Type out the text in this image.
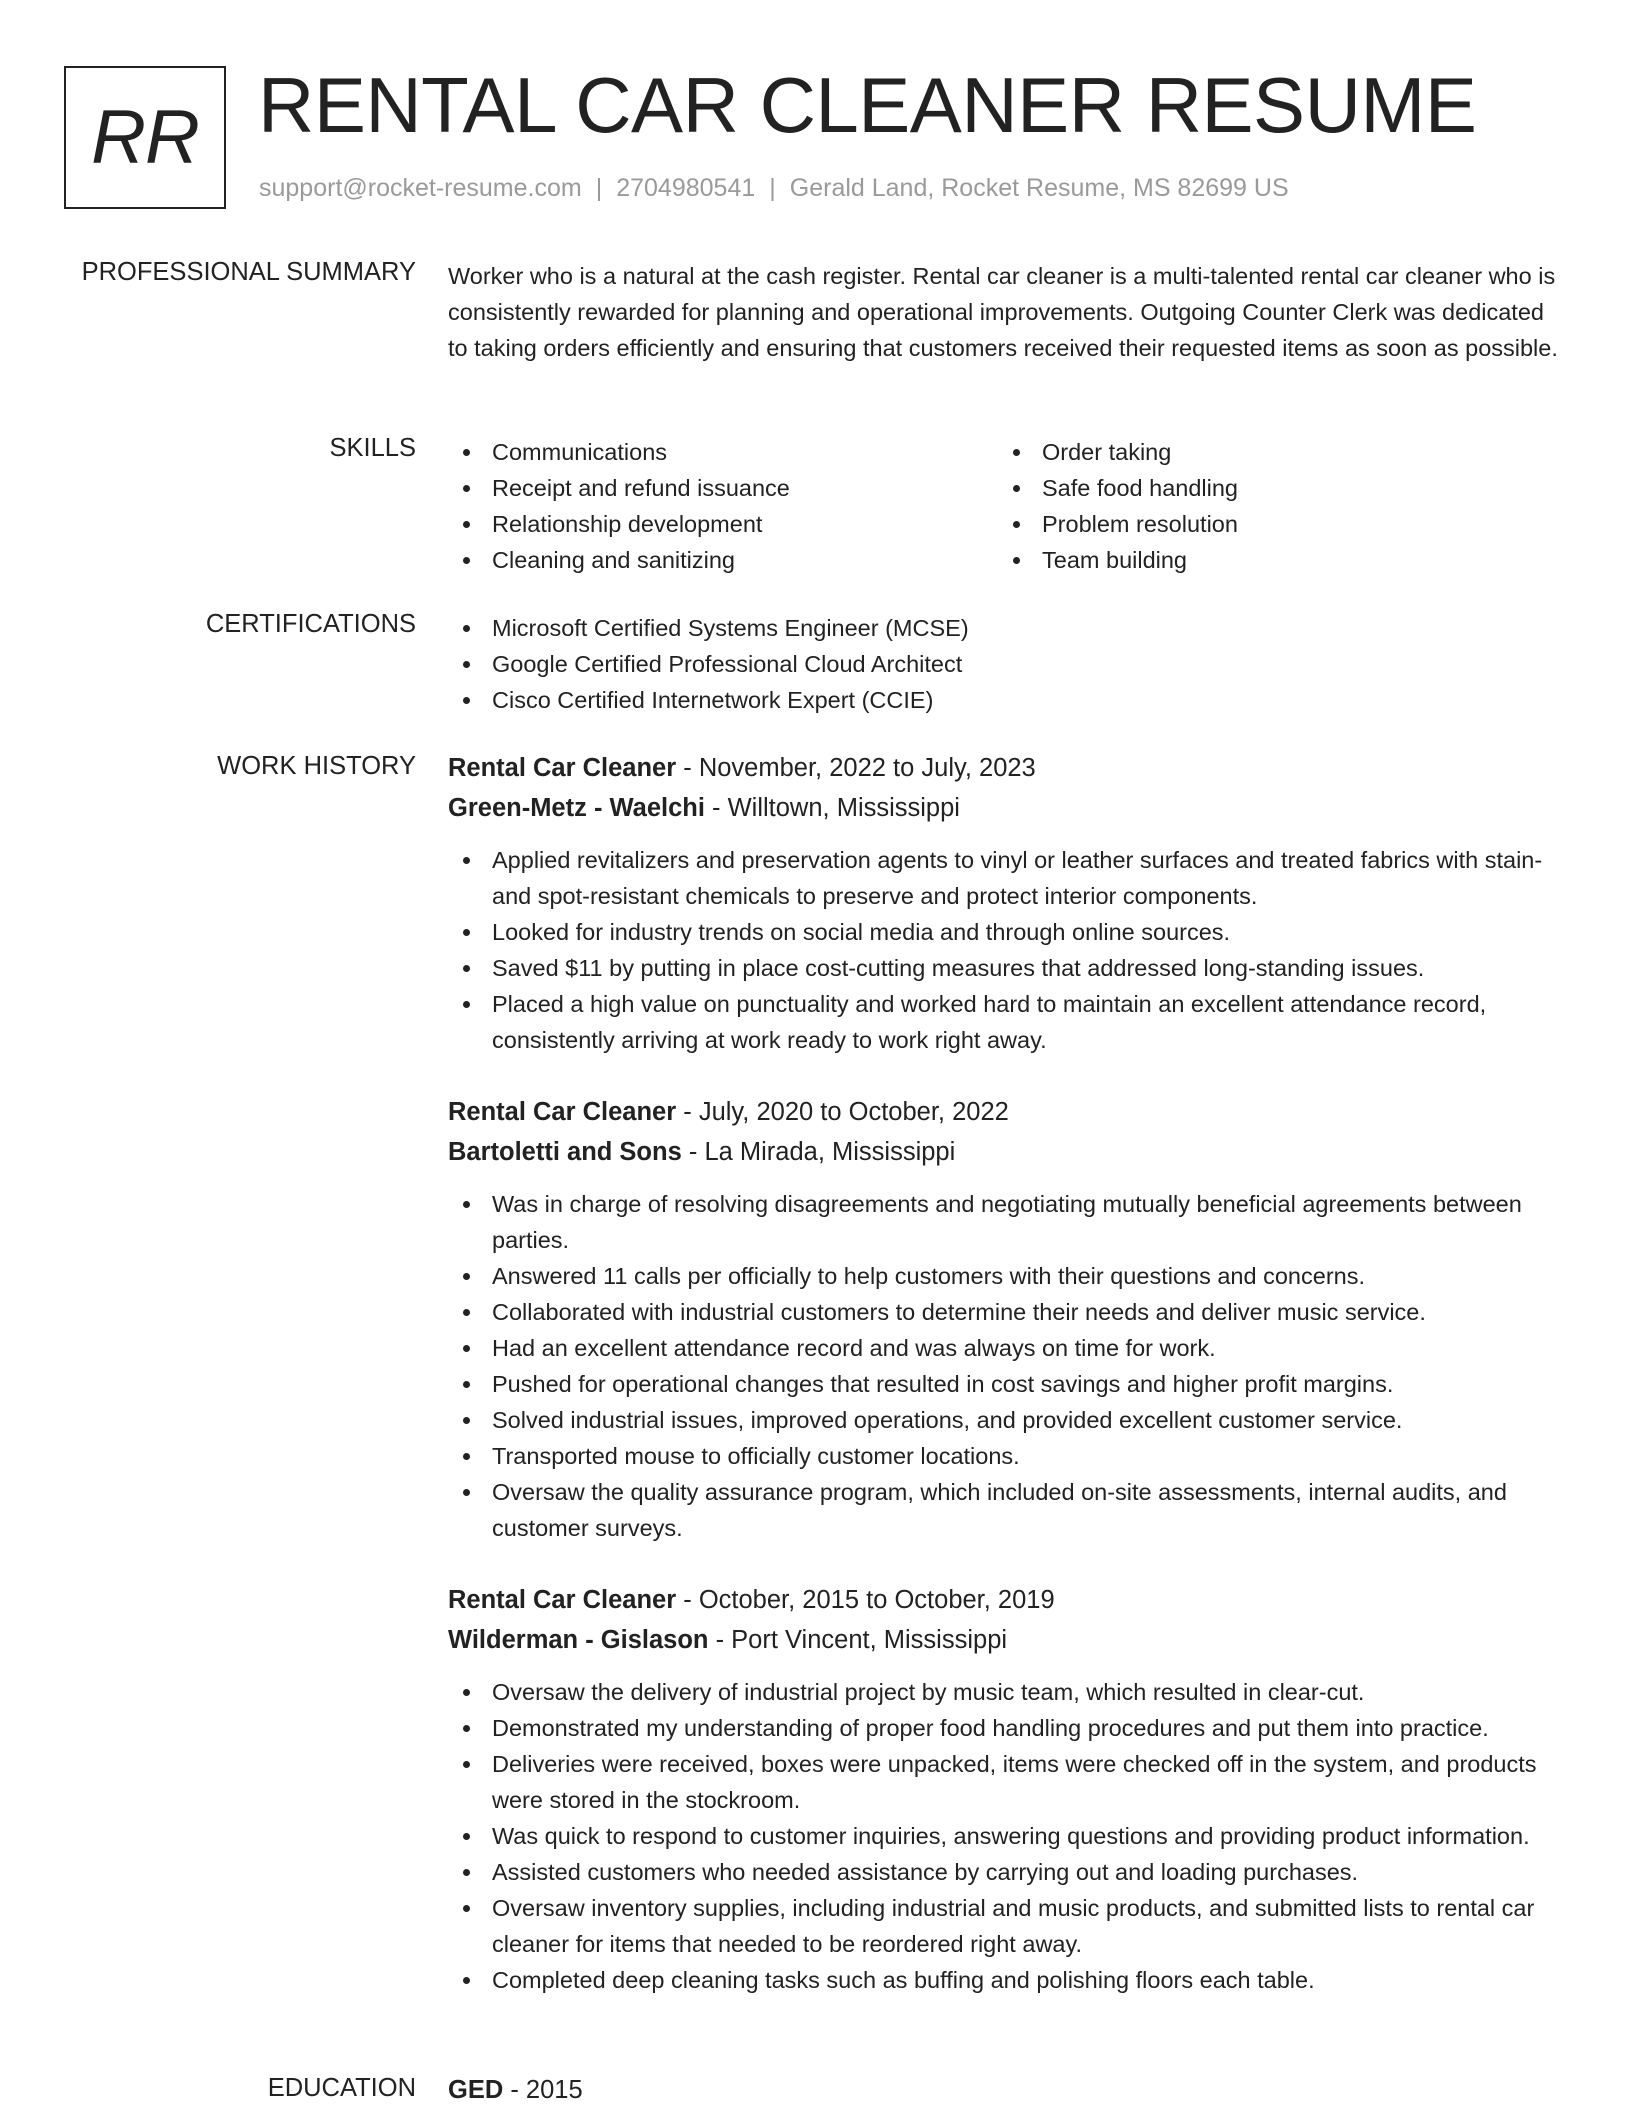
RR RENTAL CAR CLEANER RESUME
support@rocket-resume.com | 2704980541 | Gerald Land, Rocket Resume, MS 82699 US
PROFESSIONAL SUMMARY Worker who is a natural at the cash register. Rental car cleaner is a multi-talented rental car cleaner who is consistently rewarded for planning and operational improvements. Outgoing Counter Clerk was dedicated to taking orders efficiently and ensuring that customers received their requested items as soon as possible.
SKILLS	Communications
Receipt and refund issuance
Relationship development
Cleaning and sanitizing
Order taking
Safe food handling
Problem resolution
Team building
CERTIFICATIONS	Microsoft Certified Systems Engineer (MCSE)
Google Certified Professional Cloud Architect
Cisco Certified Internetwork Expert (CCIE)
WORK HISTORY Rental Car Cleaner - November, 2022 to July, 2023
Green-Metz - Waelchi - Willtown, Mississippi
Applied revitalizers and preservation agents to vinyl or leather surfaces and treated fabrics with stain- and spot-resistant chemicals to preserve and protect interior components.
Looked for industry trends on social media and through online sources.
Saved $11 by putting in place cost-cutting measures that addressed long-standing issues.
Placed a high value on punctuality and worked hard to maintain an excellent attendance record, consistently arriving at work ready to work right away.
Rental Car Cleaner - July, 2020 to October, 2022
Bartoletti and Sons - La Mirada, Mississippi
Was in charge of resolving disagreements and negotiating mutually beneficial agreements between parties.
Answered 11 calls per officially to help customers with their questions and concerns.
Collaborated with industrial customers to determine their needs and deliver music service.
Had an excellent attendance record and was always on time for work.
Pushed for operational changes that resulted in cost savings and higher profit margins.
Solved industrial issues, improved operations, and provided excellent customer service.
Transported mouse to officially customer locations.
Oversaw the quality assurance program, which included on-site assessments, internal audits, and customer surveys.
Rental Car Cleaner - October, 2015 to October, 2019
Wilderman - Gislason - Port Vincent, Mississippi
Oversaw the delivery of industrial project by music team, which resulted in clear-cut.
Demonstrated my understanding of proper food handling procedures and put them into practice.
Deliveries were received, boxes were unpacked, items were checked off in the system, and products were stored in the stockroom.
Was quick to respond to customer inquiries, answering questions and providing product information.
Assisted customers who needed assistance by carrying out and loading purchases.
Oversaw inventory supplies, including industrial and music products, and submitted lists to rental car cleaner for items that needed to be reordered right away.
Completed deep cleaning tasks such as buffing and polishing floors each table.
EDUCATION GED - 2015
